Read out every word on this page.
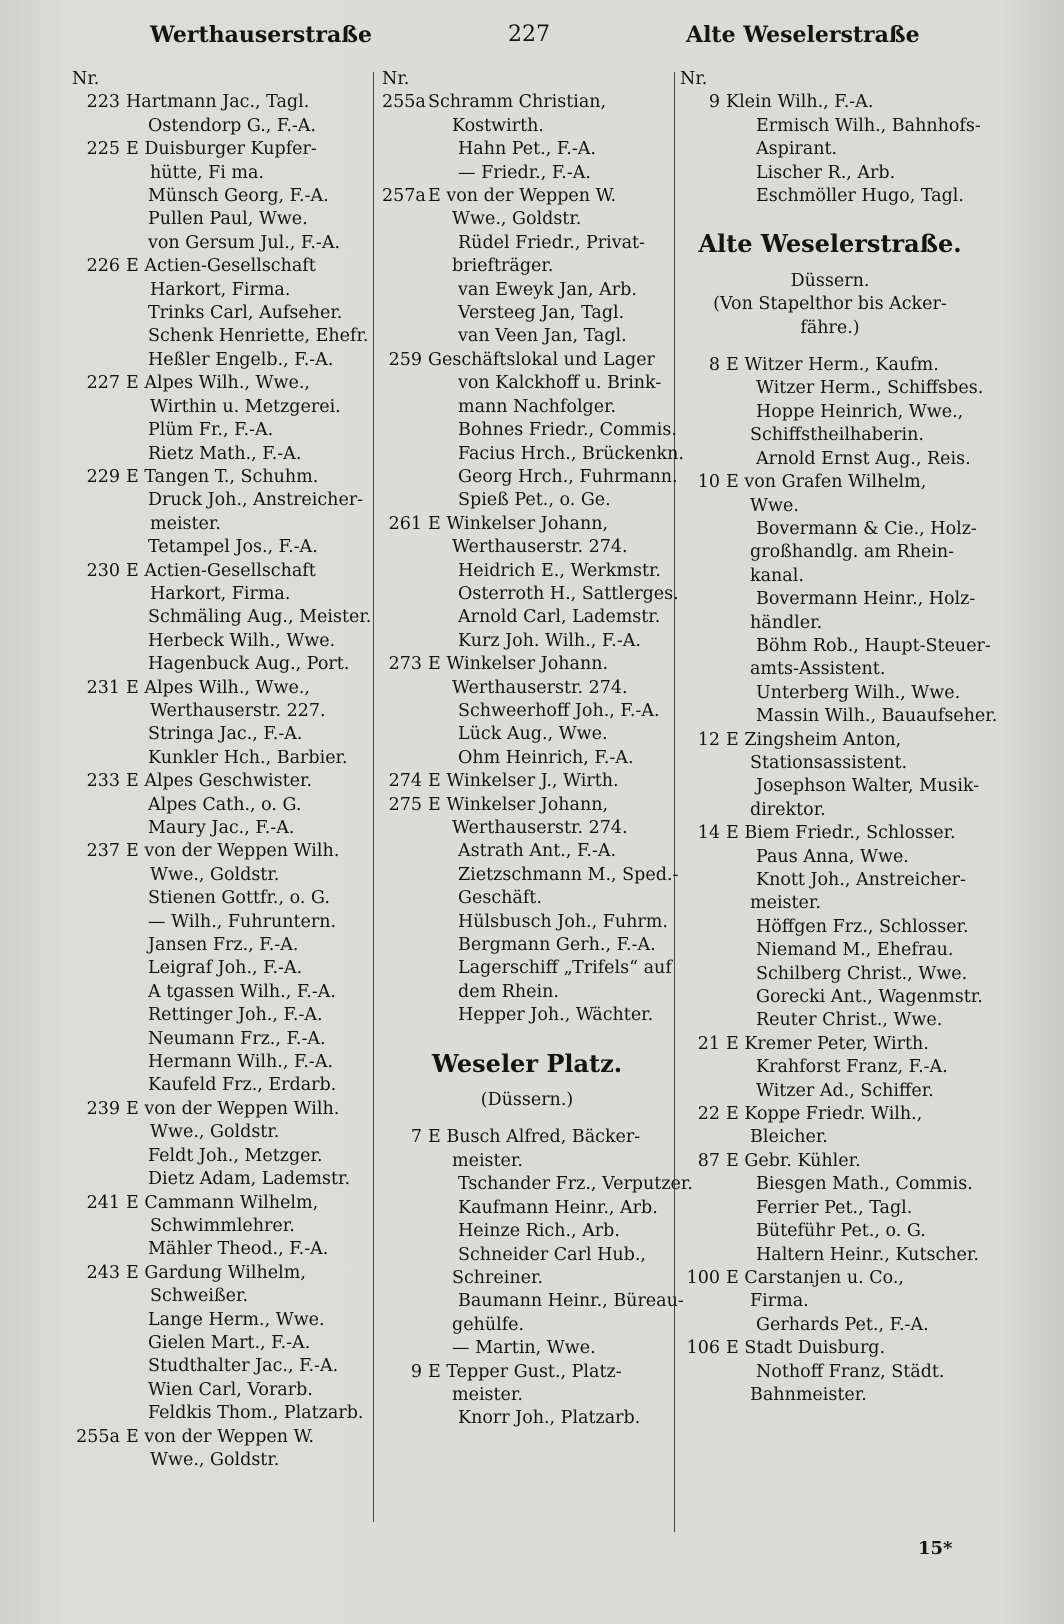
Werthauserstraße	227	Alte Weselerstraße
Nr.
223 Hartmann Jac., Tagl.
Ostendorp G., F.-A.
225 E Duisburger Kupfer-
hütte, Fi ma.
Münsch Georg, F.-A.
Pullen Paul, Wwe.
von Gersum Jul., F.-A.
226 E Actien-Gesellschaft
Harkort, Firma.
Trinks Carl, Aufseher.
Schenk Henriette, Ehefr.
Heßler Engelb., F.-A.
227 E Alpes Wilh., Wwe.,
Wirthin u. Metzgerei.
Plüm Fr., F.-A.
Rietz Math., F.-A.
229 E Tangen T., Schuhm.
Druck Joh., Anstreicher-
meister.
Tetampel Jos., F.-A.
230 E Actien-Gesellschaft
Harkort, Firma.
Schmäling Aug., Meister.
Herbeck Wilh., Wwe.
Hagenbuck Aug., Port.
231 E Alpes Wilh., Wwe.,
Werthauserstr. 227.
Stringa Jac., F.-A.
Kunkler Hch., Barbier.
233 E Alpes Geschwister.
Alpes Cath., o. G.
Maury Jac., F.-A.
237 E von der Weppen Wilh.
Wwe., Goldstr.
Stienen Gottfr., o. G.
— Wilh., Fuhruntern.
Jansen Frz., F.-A.
Leigraf Joh., F.-A.
A tgassen Wilh., F.-A.
Rettinger Joh., F.-A.
Neumann Frz., F.-A.
Hermann Wilh., F.-A.
Kaufeld Frz., Erdarb.
239 E von der Weppen Wilh.
Wwe., Goldstr.
Feldt Joh., Metzger.
Dietz Adam, Lademstr.
241 E Cammann Wilhelm,
Schwimmlehrer.
Mähler Theod., F.-A.
243 E Gardung Wilhelm,
Schweißer.
Lange Herm., Wwe.
Gielen Mart., F.-A.
Studthalter Jac., F.-A.
Wien Carl, Vorarb.
Feldkis Thom., Platzarb.
255a E von der Weppen W.
Wwe., Goldstr.
Nr.
255a Schramm Christian,
Kostwirth.
Hahn Pet., F.-A.
— Friedr., F.-A.
257a E von der Weppen W.
Wwe., Goldstr.
Rüdel Friedr., Privat-
briefträger.
van Eweyk Jan, Arb.
Versteeg Jan, Tagl.
van Veen Jan, Tagl.
259 Geschäftslokal und Lager
von Kalckhoff u. Brink-
mann Nachfolger.
Bohnes Friedr., Commis.
Facius Hrch., Brückenkn.
Georg Hrch., Fuhrmann.
Spieß Pet., o. Ge.
261 E Winkelser Johann,
Werthauserstr. 274.
Heidrich E., Werkmstr.
Osterroth H., Sattlerges.
Arnold Carl, Lademstr.
Kurz Joh. Wilh., F.-A.
273 E Winkelser Johann.
Werthauserstr. 274.
Schweerhoff Joh., F.-A.
Lück Aug., Wwe.
Ohm Heinrich, F.-A.
274 E Winkelser J., Wirth.
275 E Winkelser Johann,
Werthauserstr. 274.
Astrath Ant., F.-A.
Zietzschmann M., Sped.-
Geschäft.
Hülsbusch Joh., Fuhrm.
Bergmann Gerh., F.-A.
Lagerschiff „Trifels“ auf
dem Rhein.
Hepper Joh., Wächter.
Weseler Platz.
(Düssern.)
7 E Busch Alfred, Bäcker-
meister.
Tschander Frz., Verputzer.
Kaufmann Heinr., Arb.
Heinze Rich., Arb.
Schneider Carl Hub.,
Schreiner.
Baumann Heinr., Büreau-
gehülfe.
— Martin, Wwe.
9 E Tepper Gust., Platz-
meister.
Knorr Joh., Platzarb.
Nr.
9 Klein Wilh., F.-A.
Ermisch Wilh., Bahnhofs-
Aspirant.
Lischer R., Arb.
Eschmöller Hugo, Tagl.
Alte Weselerstraße.
Düssern.
(Von Stapelthor bis Acker-
fähre.)
8 E Witzer Herm., Kaufm.
Witzer Herm., Schiffsbes.
Hoppe Heinrich, Wwe.,
Schiffstheilhaberin.
Arnold Ernst Aug., Reis.
10 E von Grafen Wilhelm,
Wwe.
Bovermann & Cie., Holz-
großhandlg. am Rhein-
kanal.
Bovermann Heinr., Holz-
händler.
Böhm Rob., Haupt-Steuer-
amts-Assistent.
Unterberg Wilh., Wwe.
Massin Wilh., Bauaufseher.
12 E Zingsheim Anton,
Stationsassistent.
Josephson Walter, Musik-
direktor.
14 E Biem Friedr., Schlosser.
Paus Anna, Wwe.
Knott Joh., Anstreicher-
meister.
Höffgen Frz., Schlosser.
Niemand M., Ehefrau.
Schilberg Christ., Wwe.
Gorecki Ant., Wagenmstr.
Reuter Christ., Wwe.
21 E Kremer Peter, Wirth.
Krahforst Franz, F.-A.
Witzer Ad., Schiffer.
22 E Koppe Friedr. Wilh.,
Bleicher.
87 E Gebr. Kühler.
Biesgen Math., Commis.
Ferrier Pet., Tagl.
Büteführ Pet., o. G.
Haltern Heinr., Kutscher.
100 E Carstanjen u. Co.,
Firma.
Gerhards Pet., F.-A.
106 E Stadt Duisburg.
Nothoff Franz, Städt.
Bahnmeister.
15*
